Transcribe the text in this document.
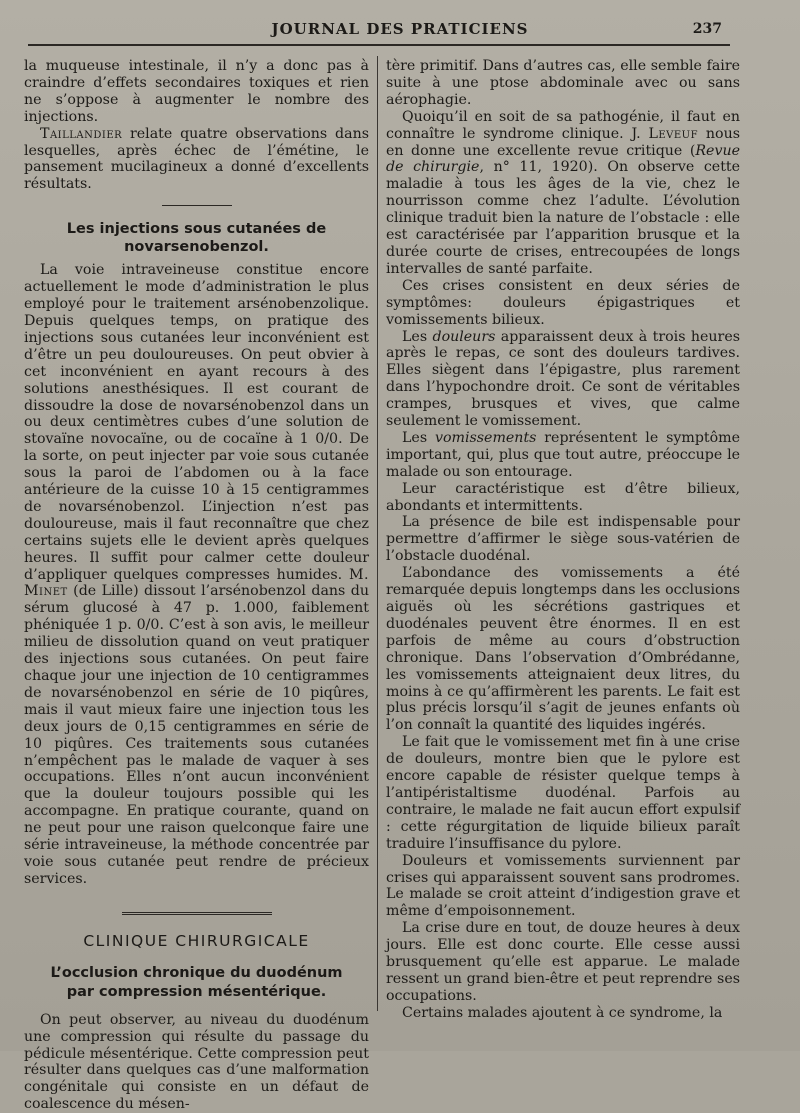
JOURNAL DES PRATICIENS	237

la muqueuse intestinale, il n’y a donc pas à craindre d’effets secondaires toxiques et rien ne s’oppose à augmenter le nombre des injections.

Taillandier relate quatre observations dans lesquelles, après échec de l’émétine, le pansement mucilagineux a donné d’excellents résultats.

Les injections sous cutanées de novarsenobenzol.

La voie intraveineuse constitue encore actuellement le mode d’administration le plus employé pour le traitement arsénobenzolique. Depuis quelques temps, on pratique des injections sous cutanées leur inconvénient est d’être un peu douloureuses. On peut obvier à cet inconvénient en ayant recours à des solutions anesthésiques. Il est courant de dissoudre la dose de novarsénobenzol dans un ou deux centimètres cubes d’une solution de stovaïne novocaïne, ou de cocaïne à 1 0/0. De la sorte, on peut injecter par voie sous cutanée sous la paroi de l’abdomen ou à la face antérieure de la cuisse 10 à 15 centigrammes de novarsénobenzol. L’injection n’est pas douloureuse, mais il faut reconnaître que chez certains sujets elle le devient après quelques heures. Il suffit pour calmer cette douleur d’appliquer quelques compresses humides. M. Minet (de Lille) dissout l’arsénobenzol dans du sérum glucosé à 47 p. 1.000, faiblement phéniquée 1 p. 0/0. C’est à son avis, le meilleur milieu de dissolution quand on veut pratiquer des injections sous cutanées. On peut faire chaque jour une injection de 10 centigrammes de novarsénobenzol en série de 10 piqûres, mais il vaut mieux faire une injection tous les deux jours de 0,15 centigrammes en série de 10 piqûres. Ces traitements sous cutanées n’empêchent pas le malade de vaquer à ses occupations. Elles n’ont aucun inconvénient que la douleur toujours possible qui les accompagne. En pratique courante, quand on ne peut pour une raison quelconque faire une série intraveineuse, la méthode concentrée par voie sous cutanée peut rendre de précieux services.

CLINIQUE CHIRURGICALE
L’occlusion chronique du duodénum
par compression mésentérique.

On peut observer, au niveau du duodénum une compression qui résulte du passage du pédicule mésentérique. Cette compression peut résulter dans quelques cas d’une malformation congénitale qui consiste en un défaut de coalescence du mésen-

tère primitif. Dans d’autres cas, elle semble faire suite à une ptose abdominale avec ou sans aérophagie.

Quoiqu’il en soit de sa pathogénie, il faut en connaître le syndrome clinique. J. Leveuf nous en donne une excellente revue critique (Revue de chirurgie, n° 11, 1920). On observe cette maladie à tous les âges de la vie, chez le nourrisson comme chez l’adulte. L’évolution clinique traduit bien la nature de l’obstacle : elle est caractérisée par l’apparition brusque et la durée courte de crises, entrecoupées de longs intervalles de santé parfaite.

Ces crises consistent en deux séries de symptômes: douleurs épigastriques et vomissements bilieux.

Les douleurs apparaissent deux à trois heures après le repas, ce sont des douleurs tardives. Elles siègent dans l’épigastre, plus rarement dans l’hypochondre droit. Ce sont de véritables crampes, brusques et vives, que calme seulement le vomissement.

Les vomissements représentent le symptôme important, qui, plus que tout autre, préoccupe le malade ou son entourage.

Leur caractéristique est d’être bilieux, abondants et intermittents.

La présence de bile est indispensable pour permettre d’affirmer le siège sous-vatérien de l’obstacle duodénal.

L’abondance des vomissements a été remarquée depuis longtemps dans les occlusions aiguës où les sécrétions gastriques et duodénales peuvent être énormes. Il en est parfois de même au cours d’obstruction chronique. Dans l’observation d’Ombrédanne, les vomissements atteignaient deux litres, du moins à ce qu’affirmèrent les parents. Le fait est plus précis lorsqu’il s’agit de jeunes enfants où l’on connaît la quantité des liquides ingérés.

Le fait que le vomissement met fin à une crise de douleurs, montre bien que le pylore est encore capable de résister quelque temps à l’antipéristaltisme duodénal. Parfois au contraire, le malade ne fait aucun effort expulsif : cette régurgitation de liquide bilieux paraît traduire l’insuffisance du pylore.

Douleurs et vomissements surviennent par crises qui apparaissent souvent sans prodromes. Le malade se croit atteint d’indigestion grave et même d’empoisonnement.

La crise dure en tout, de douze heures à deux jours. Elle est donc courte. Elle cesse aussi brusquement qu’elle est apparue. Le malade ressent un grand bien-être et peut reprendre ses occupations.

Certains malades ajoutent à ce syndrome, la
